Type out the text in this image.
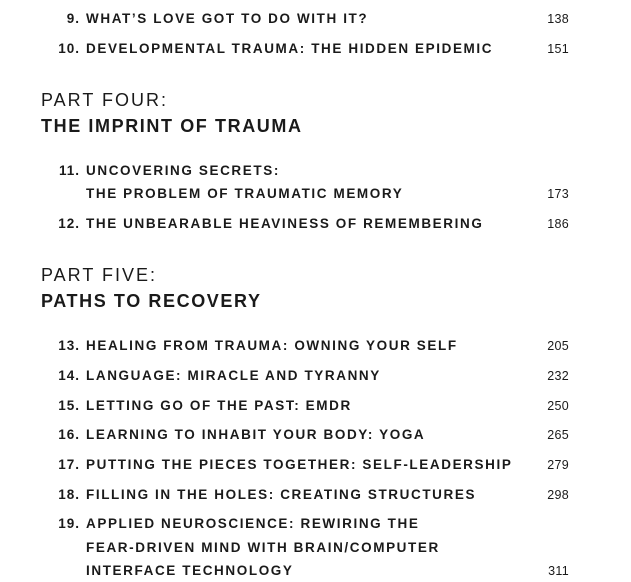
9. WHAT’S LOVE GOT TO DO WITH IT?	138
10. DEVELOPMENTAL TRAUMA: THE HIDDEN EPIDEMIC	151
PART FOUR:
THE IMPRINT OF TRAUMA
11. UNCOVERING SECRETS:
THE PROBLEM OF TRAUMATIC MEMORY	173
12. THE UNBEARABLE HEAVINESS OF REMEMBERING	186
PART FIVE:
PATHS TO RECOVERY
13. HEALING FROM TRAUMA: OWNING YOUR SELF	205
14. LANGUAGE: MIRACLE AND TYRANNY	232
15. LETTING GO OF THE PAST: EMDR	250
16. LEARNING TO INHABIT YOUR BODY: YOGA	265
17. PUTTING THE PIECES TOGETHER: SELF-LEADERSHIP	279
18. FILLING IN THE HOLES: CREATING STRUCTURES	298
19. APPLIED NEUROSCIENCE: REWIRING THE
FEAR-DRIVEN MIND WITH BRAIN/COMPUTER
INTERFACE TECHNOLOGY	311
